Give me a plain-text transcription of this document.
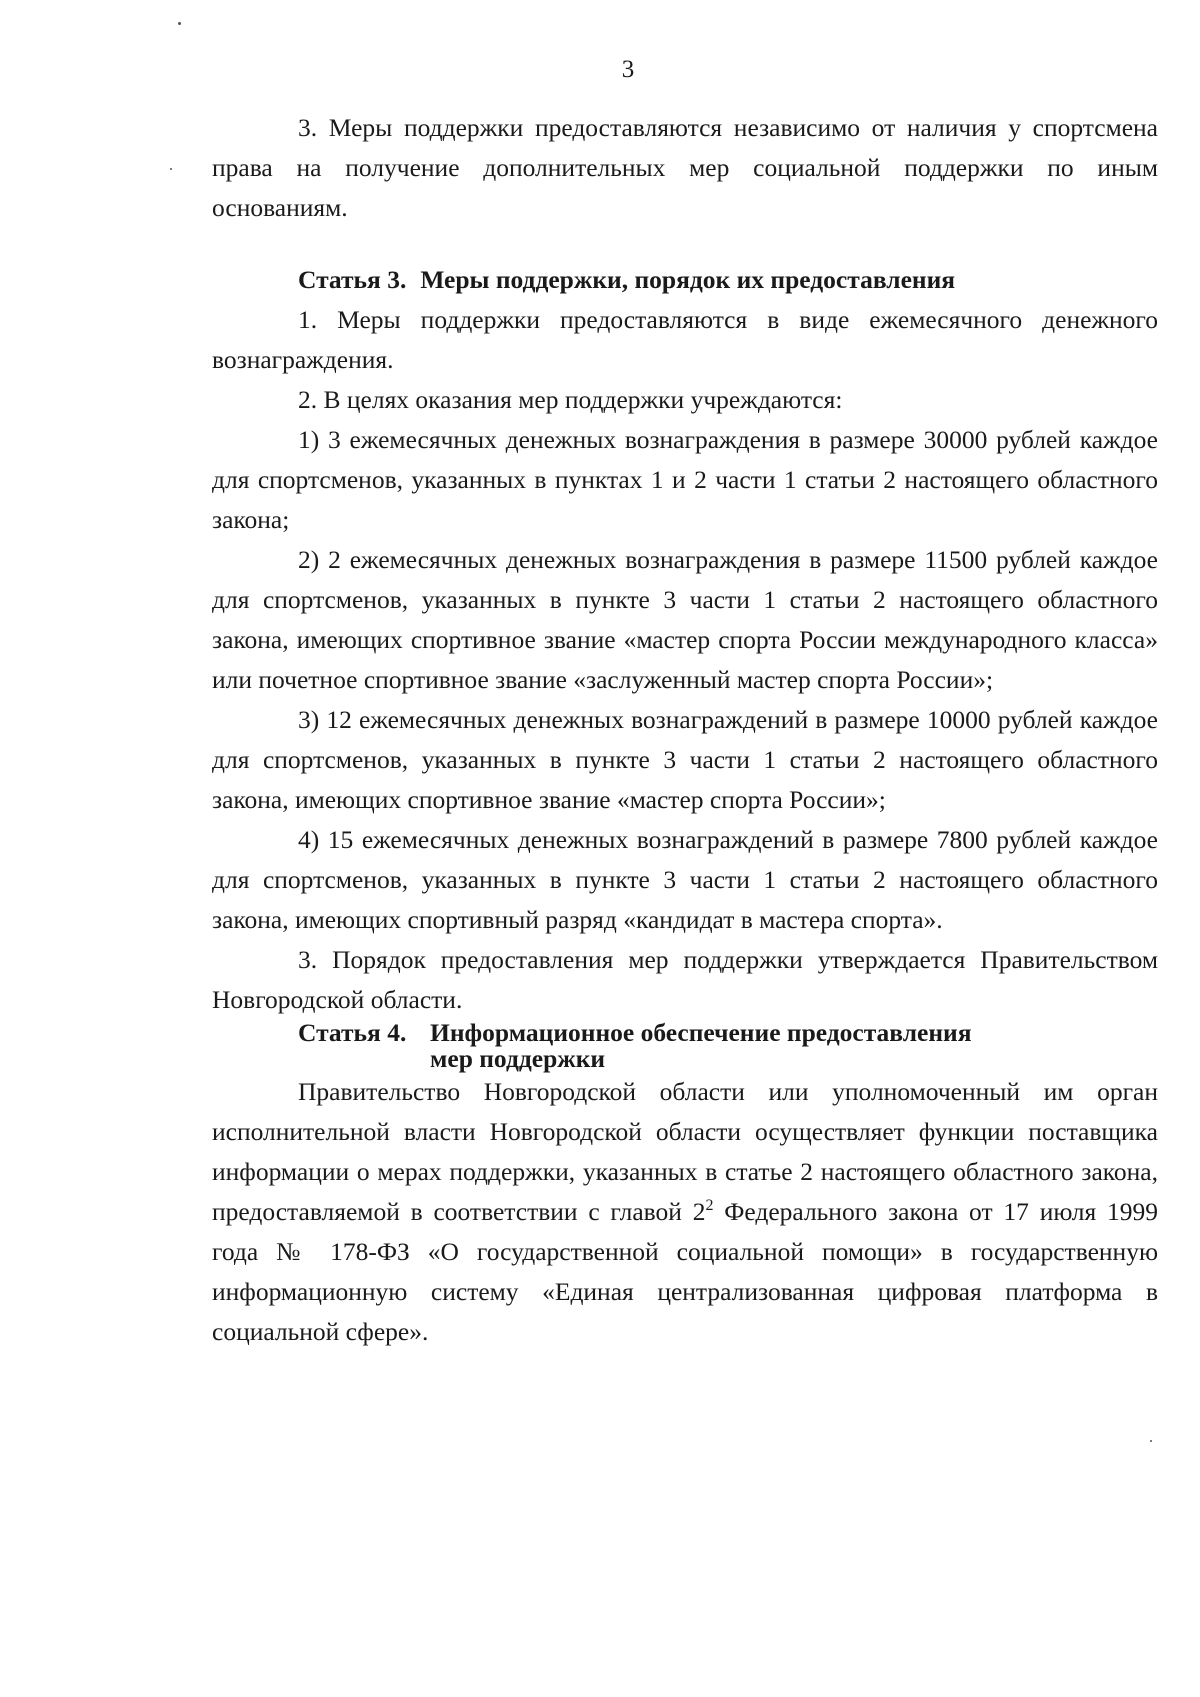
3

3. Меры поддержки предоставляются независимо от наличия у спортсмена права на получение дополнительных мер социальной поддержки по иным основаниям.

Статья 3. Меры поддержки, порядок их предоставления

1. Меры поддержки предоставляются в виде ежемесячного денежного вознаграждения.

2. В целях оказания мер поддержки учреждаются:

1) 3 ежемесячных денежных вознаграждения в размере 30000 рублей каждое для спортсменов, указанных в пунктах 1 и 2 части 1 статьи 2 настоящего областного закона;

2) 2 ежемесячных денежных вознаграждения в размере 11500 рублей каждое для спортсменов, указанных в пункте 3 части 1 статьи 2 настоящего областного закона, имеющих спортивное звание «мастер спорта России международного класса» или почетное спортивное звание «заслуженный мастер спорта России»;

3) 12 ежемесячных денежных вознаграждений в размере 10000 рублей каждое для спортсменов, указанных в пункте 3 части 1 статьи 2 настоящего областного закона, имеющих спортивное звание «мастер спорта России»;

4) 15 ежемесячных денежных вознаграждений в размере 7800 рублей каждое для спортсменов, указанных в пункте 3 части 1 статьи 2 настоящего областного закона, имеющих спортивный разряд «кандидат в мастера спорта».

3. Порядок предоставления мер поддержки утверждается Правительством Новгородской области.

Статья 4. Информационное обеспечение предоставления
мер поддержки

Правительство Новгородской области или уполномоченный им орган исполнительной власти Новгородской области осуществляет функции поставщика информации о мерах поддержки, указанных в статье 2 настоящего областного закона, предоставляемой в соответствии с главой $2^2$ Федерального закона от 17 июля 1999 года № 178-ФЗ «О государственной социальной помощи» в государственную информационную систему «Единая централизованная цифровая платформа в социальной сфере».
